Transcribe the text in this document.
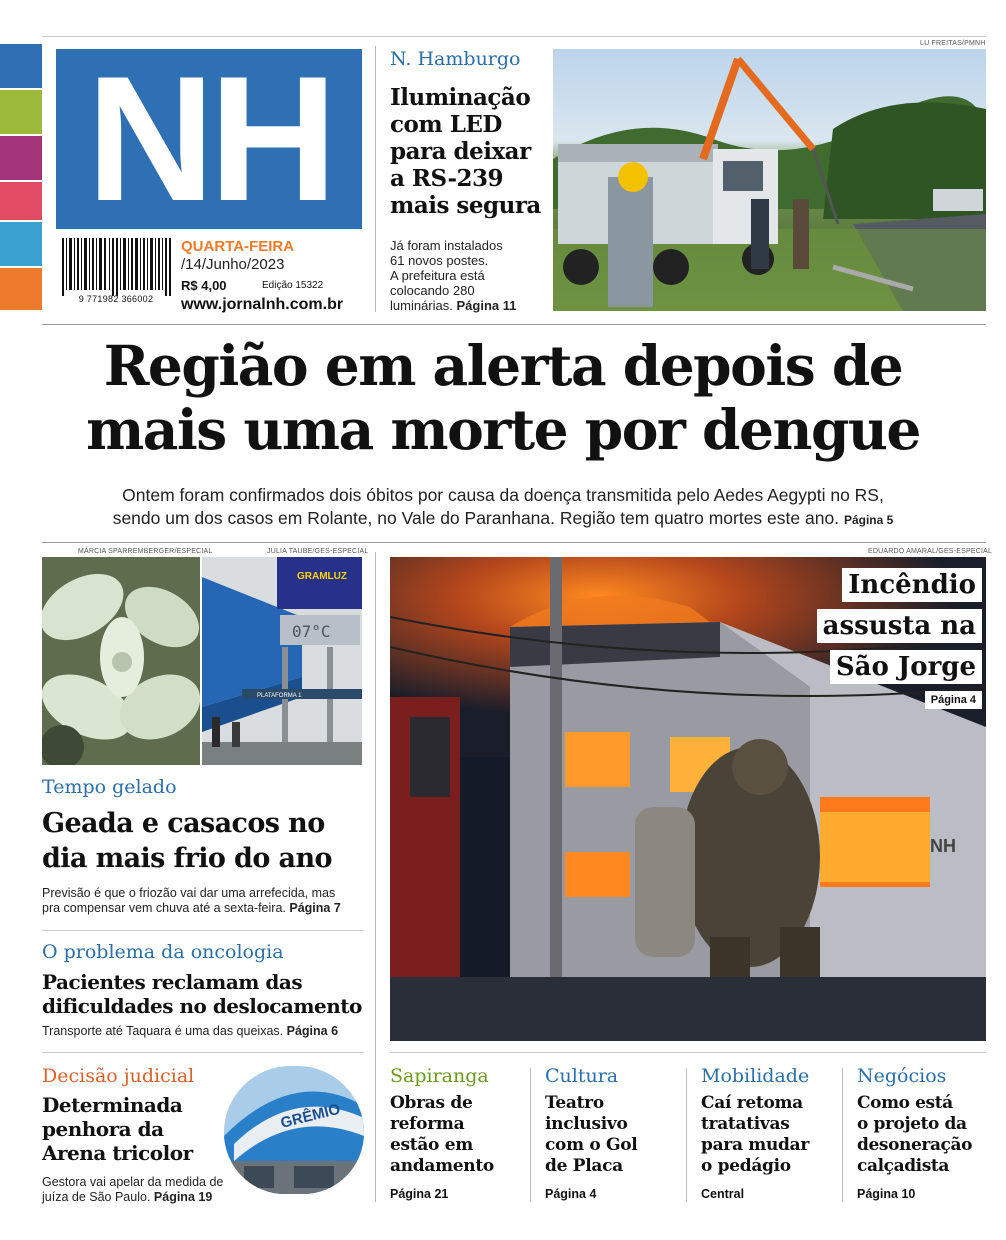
NH
9 771982 366002
QUARTA-FEIRA
/14/Junho/2023
R$ 4,00	Edição 15322
www.jornalnh.com.br
N. Hamburgo
Iluminação
com LED
para deixar
a RS-239
mais segura
Já foram instalados
61 novos postes.
A prefeitura está
colocando 280
luminárias. Página 11
LU FREITAS/PMNH
Região em alerta depois de
mais uma morte por dengue
Ontem foram confirmados dois óbitos por causa da doença transmitida pelo Aedes Aegypti no RS,
sendo um dos casos em Rolante, no Vale do Paranhana. Região tem quatro mortes este ano. Página 5
MÁRCIA SPARREMBERGER/ESPECIAL	JÚLIA TAUBE/GES-ESPECIAL
GRAMLUZ
07°C
PLATAFORMA 1
Tempo gelado
Geada e casacos no
dia mais frio do ano
Previsão é que o friozão vai dar uma arrefecida, mas
pra compensar vem chuva até a sexta-feira. Página 7
O problema da oncologia
Pacientes reclamam das
dificuldades no deslocamento
Transporte até Taquara é uma das queixas. Página 6
Decisão judicial
Determinada
penhora da
Arena tricolor
Gestora vai apelar da medida de
juíza de São Paulo. Página 19
GRÊMIO
EDUARDO AMARAL/GES-ESPECIAL
NH
Incêndio
assusta na
São Jorge
Página 4
Sapiranga
Obras de
reforma
estão em
andamento
Página 21
Cultura
Teatro
inclusivo
com o Gol
de Placa
Página 4
Mobilidade
Caí retoma
tratativas
para mudar
o pedágio
Central
Negócios
Como está
o projeto da
desoneração
calçadista
Página 10
